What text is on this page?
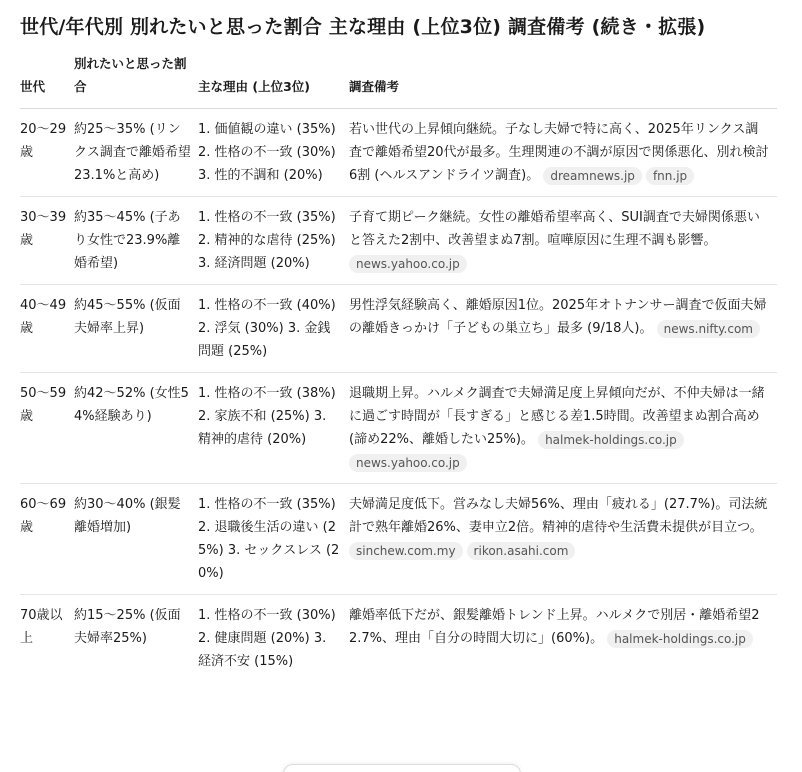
世代/年代別 別れたいと思った割合 主な理由 (上位3位) 調査備考 (続き・拡張)
世代	別れたいと思った割合	主な理由 (上位3位)	調査備考
20～29歳	約25～35% (リンクス調査で離婚希望23.1%と高め)	1. 価値観の違い (35%) 2. 性格の不一致 (30%) 3. 性的不調和 (20%)	若い世代の上昇傾向継続。子なし夫婦で特に高く、2025年リンクス調査で離婚希望20代が最多。生理関連の不調が原因で関係悪化、別れ検討6割 (ヘルスアンドライツ調査)。 dreamnews.jp fnn.jp
30～39歳	約35～45% (子あり女性で23.9%離婚希望)	1. 性格の不一致 (35%) 2. 精神的な虐待 (25%) 3. 経済問題 (20%)	子育て期ピーク継続。女性の離婚希望率高く、SUI調査で夫婦関係悪いと答えた2割中、改善望まぬ7割。喧嘩原因に生理不調も影響。 news.yahoo.co.jp
40～49歳	約45～55% (仮面夫婦率上昇)	1. 性格の不一致 (40%) 2. 浮気 (30%) 3. 金銭問題 (25%)	男性浮気経験高く、離婚原因1位。2025年オトナンサー調査で仮面夫婦の離婚きっかけ「子どもの巣立ち」最多 (9/18人)。 news.nifty.com
50～59歳	約42～52% (女性54%経験あり)	1. 性格の不一致 (38%) 2. 家族不和 (25%) 3. 精神的虐待 (20%)	退職期上昇。ハルメク調査で夫婦満足度上昇傾向だが、不仲夫婦は一緒に過ごす時間が「長すぎる」と感じる差1.5時間。改善望まぬ割合高め (諦め22%、離婚したい25%)。 halmek-holdings.co.jpnews.yahoo.co.jp
60～69歳	約30～40% (銀髪離婚増加)	1. 性格の不一致 (35%) 2. 退職後生活の違い (25%) 3. セックスレス (20%)	夫婦満足度低下。営みなし夫婦56%、理由「疲れる」(27.7%)。司法統計で熟年離婚26%、妻申立2倍。精神的虐待や生活費未提供が目立つ。 sinchew.com.my rikon.asahi.com
70歳以上	約15～25% (仮面夫婦率25%)	1. 性格の不一致 (30%) 2. 健康問題 (20%) 3. 経済不安 (15%)	離婚率低下だが、銀髪離婚トレンド上昇。ハルメクで別居・離婚希望22.7%、理由「自分の時間大切に」(60%)。 halmek-holdings.co.jp
